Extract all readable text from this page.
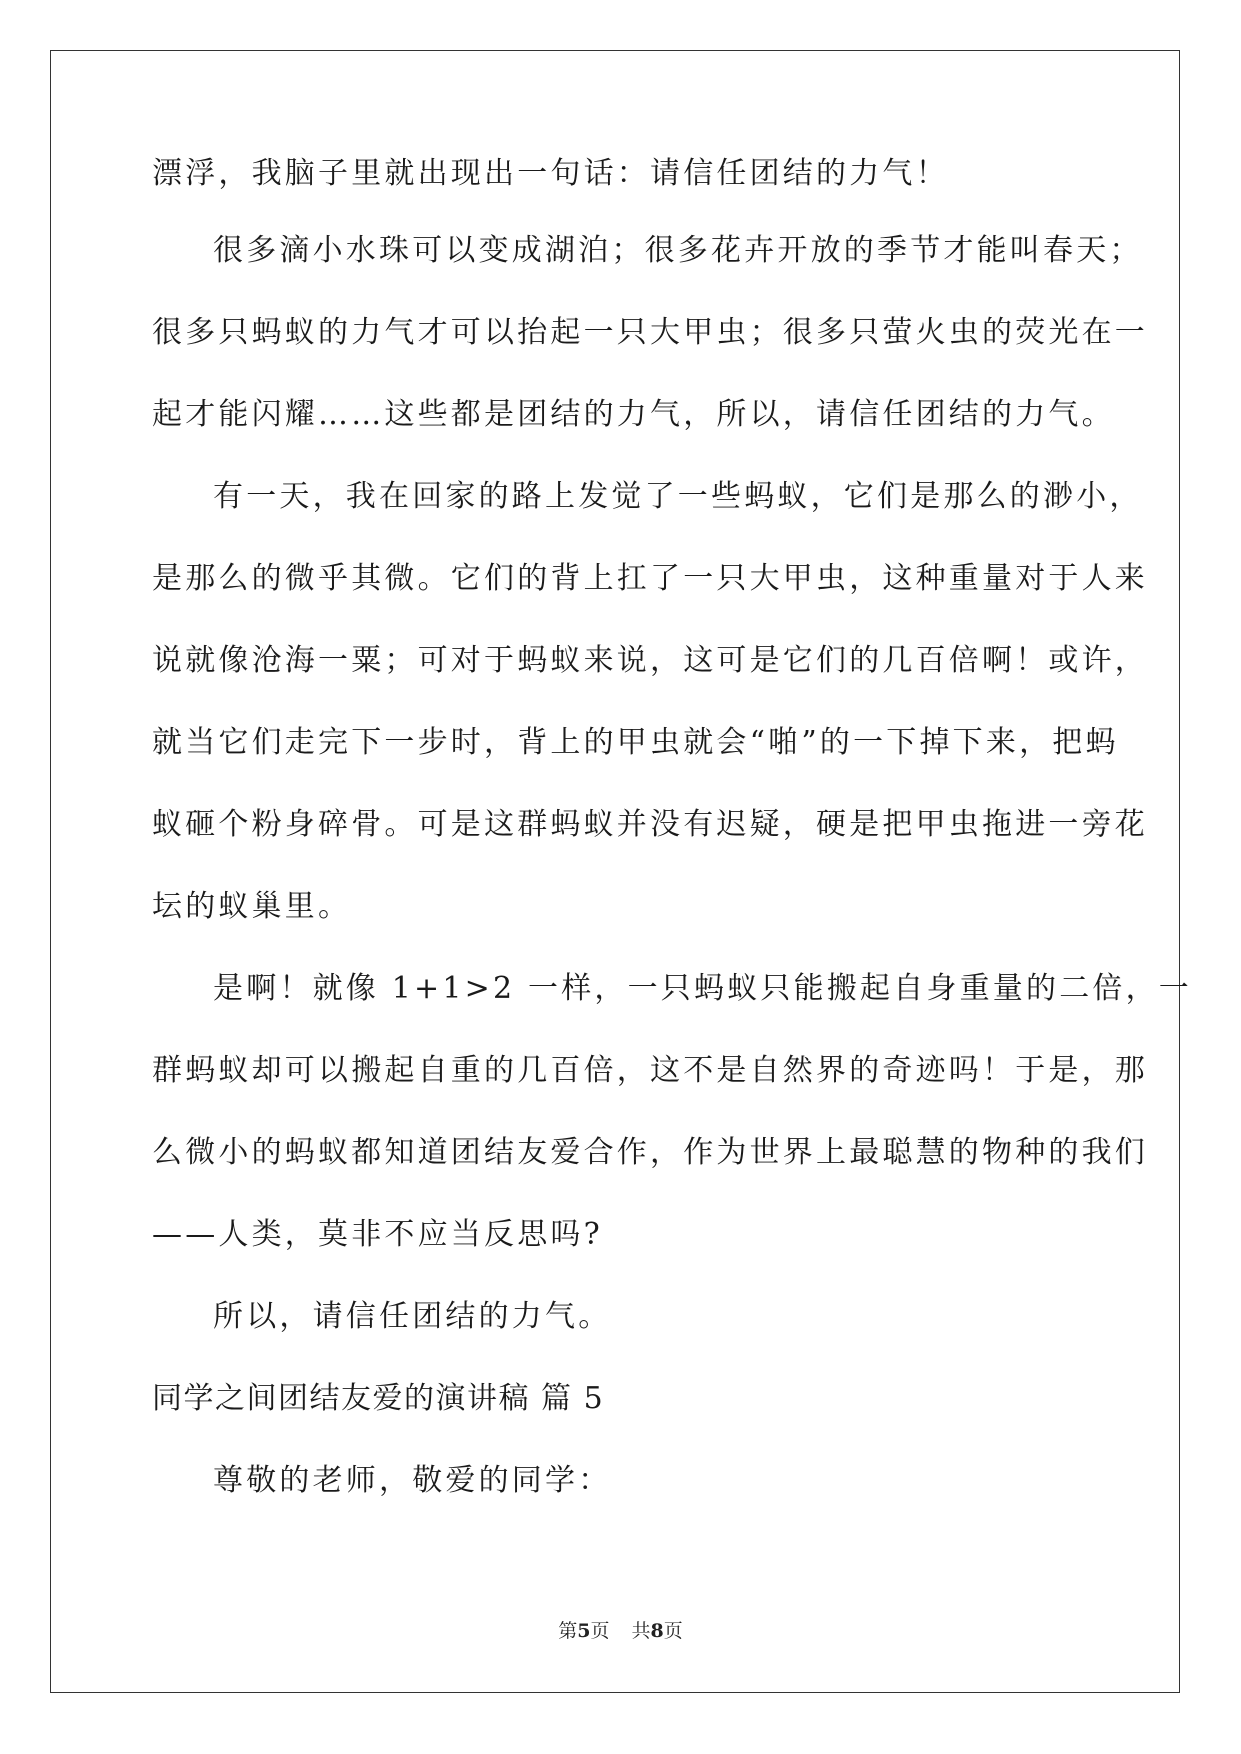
漂浮，我脑子里就出现出一句话：请信任团结的力气！
很多滴小水珠可以变成湖泊；很多花卉开放的季节才能叫春天；
很多只蚂蚁的力气才可以抬起一只大甲虫；很多只萤火虫的荧光在一
起才能闪耀……这些都是团结的力气，所以，请信任团结的力气。
有一天，我在回家的路上发觉了一些蚂蚁，它们是那么的渺小，
是那么的微乎其微。它们的背上扛了一只大甲虫，这种重量对于人来
说就像沧海一粟；可对于蚂蚁来说，这可是它们的几百倍啊！或许，
就当它们走完下一步时，背上的甲虫就会“啪”的一下掉下来，把蚂
蚁砸个粉身碎骨。可是这群蚂蚁并没有迟疑，硬是把甲虫拖进一旁花
坛的蚁巢里。
是啊！就像 1+1>2 一样，一只蚂蚁只能搬起自身重量的二倍，一
群蚂蚁却可以搬起自重的几百倍，这不是自然界的奇迹吗！于是，那
么微小的蚂蚁都知道团结友爱合作，作为世界上最聪慧的物种的我们
——人类，莫非不应当反思吗?
所以，请信任团结的力气。
同学之间团结友爱的演讲稿 篇 5
尊敬的老师，敬爱的同学：
第5页 共8页
